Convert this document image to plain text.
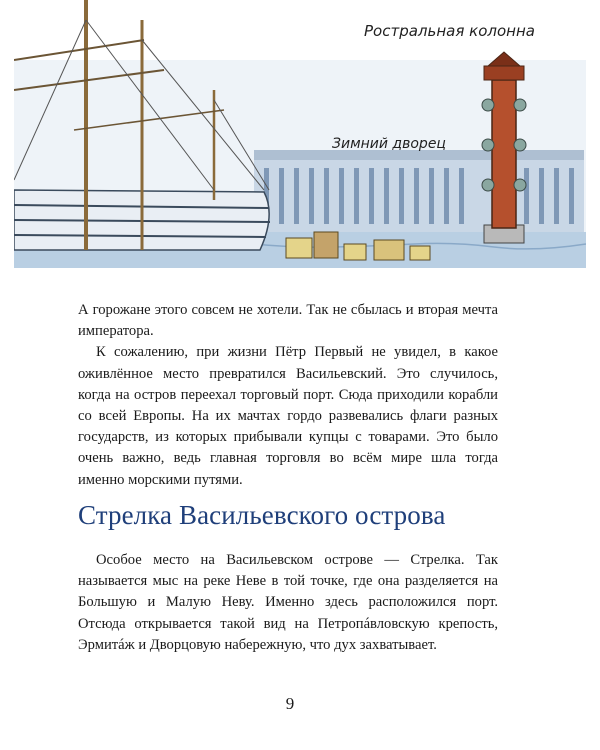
Ростральная колонна
Зимний дворец

А горожане этого совсем не хотели. Так не сбылась и вторая мечта императора.

К сожалению, при жизни Пётр Первый не увидел, в какое оживлённое место превратился Васильевский. Это случилось, когда на остров переехал торговый порт. Сюда приходили корабли со всей Европы. На их мачтах гордо развевались флаги разных государств, из которых прибывали купцы с товарами. Это было очень важно, ведь главная торговля во всём мире шла тогда именно морскими путями.

Стрелка Васильевского острова

Особое место на Васильевском острове — Стрелка. Так называется мыс на реке Неве в той точке, где она разделяется на Большую и Малую Неву. Именно здесь расположился порт. Отсюда открывается такой вид на Петропáвловскую крепость, Эрмитáж и Дворцовую набережную, что дух захватывает.

9
